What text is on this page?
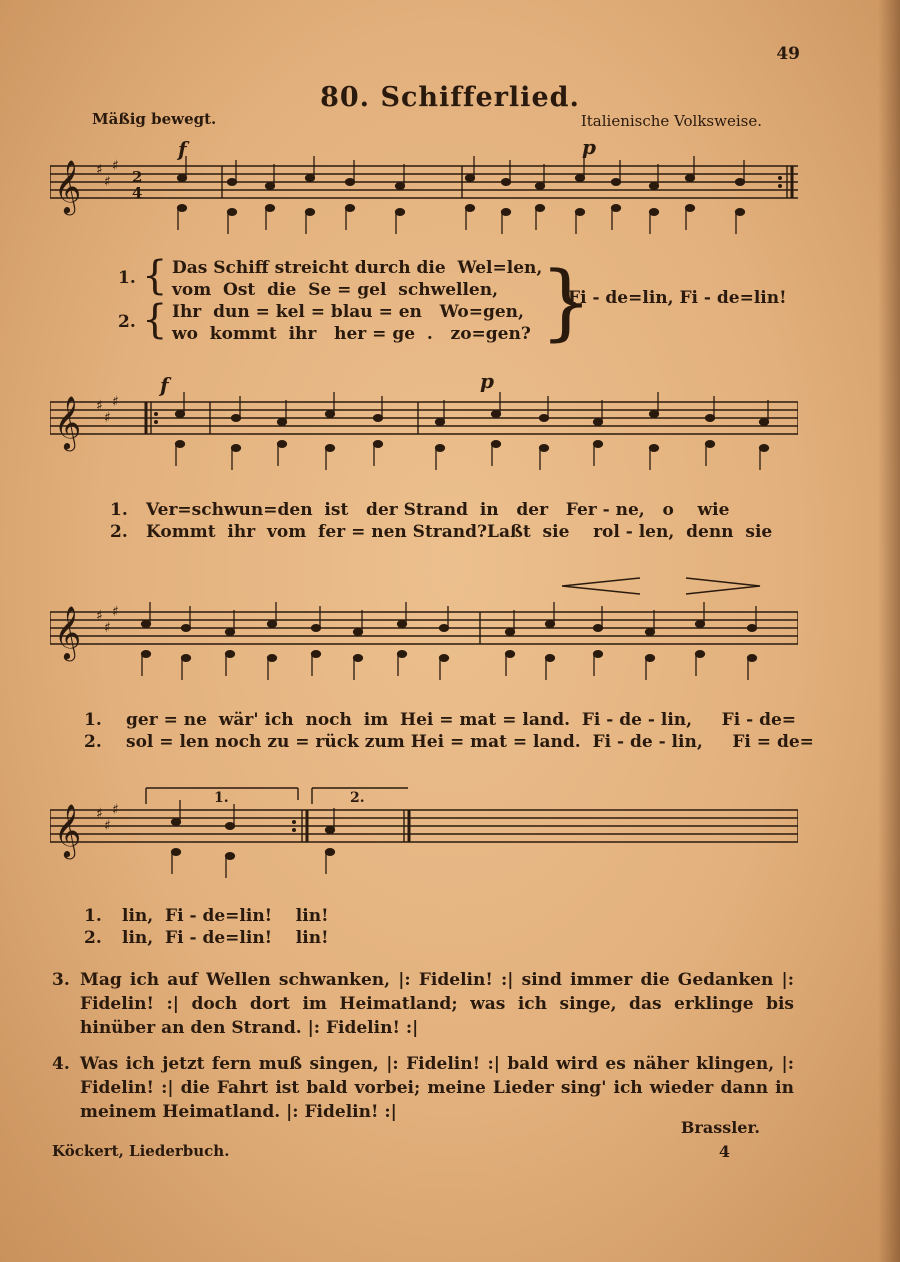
49
80. Schifferlied.
Mäßig bewegt.	Italienische Volksweise.
𝄞 ♯
♯
♯
2
4
f	p
1.
2.
{
{
Das Schiff streicht durch die  Wel=len,
vom  Ost  die  Se = gel  schwellen,
Ihr  dun = kel = blau = en   Wo=gen,
wo  kommt  ihr   her = ge  .   zo=gen? }
Fi - de=lin, Fi - de=lin!
𝄞 ♯
♯
♯
f	p
1. Ver=schwun=den  ist   der Strand  in   der   Fer - ne,   o    wie
2. Kommt  ihr  vom  fer = nen Strand?Laßt  sie    rol - len,  denn  sie
𝄞 ♯
♯
♯
1. ger = ne  wär' ich  noch  im  Hei = mat = land.  Fi - de - lin,     Fi - de=
2. sol = len noch zu = rück zum Hei = mat = land.  Fi - de - lin,     Fi = de=
𝄞 ♯
♯
♯
1.	2.
1. lin,  Fi - de=lin!    lin!
2. lin,  Fi - de=lin!    lin!
3. Mag ich auf Wellen schwanken, |: Fidelin! :| sind immer die Gedanken |: Fidelin! :| doch dort im Heimatland; was ich singe, das erklinge bis hinüber an den Strand. |: Fidelin! :|
4. Was ich jetzt fern muß singen, |: Fidelin! :| bald wird es näher klingen, |: Fidelin! :| die Fahrt ist bald vorbei; meine Lieder sing' ich wieder dann in meinem Heimatland. |: Fidelin! :|
Brassler.
Köckert, Liederbuch.	4
